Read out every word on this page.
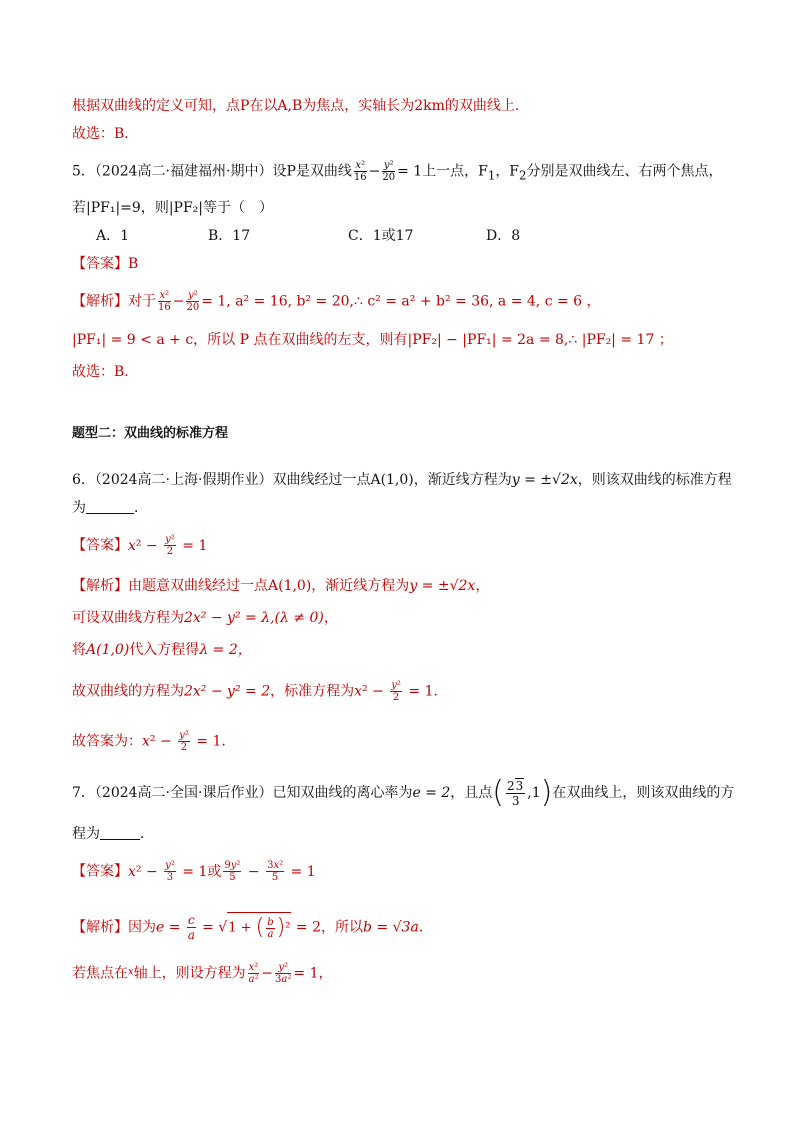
根据双曲线的定义可知，点P在以A,B为焦点，实轴长为2km的双曲线上.
故选：B．
5．（2024高二·福建福州·期中）设P是双曲线 $\frac{\text{x²}}{16} - \frac{\text{y²}}{20} = 1$上一点，$F_1$，$F_2$分别是双曲线左、右两个焦点，
若|PF₁|=9，则|PF₂|等于（　）
A．1	B．17	C．1或17	D．8
【答案】B
【解析】对于 $\frac{\text{x²}}{16} - \frac{\text{y²}}{20} = 1$, a² = 16, b² = 20,∴ c² = a² + b² = 36, a = 4, c = 6 ，
|PF₁| = 9 < a + c，所以 P 点在双曲线的左支，则有|PF₂| − |PF₁| = 2a = 8,∴ |PF₂| = 17 ；
故选：B.
题型二：双曲线的标准方程
6．（2024高二·上海·假期作业）双曲线经过一点A(1,0)，渐近线方程为y = ±√2x，则该双曲线的标准方程
为	．
【答案】$x^2 - \frac{\text{y²}}{2} = 1$
【解析】由题意双曲线经过一点A(1,0)，渐近线方程为y = ±√2x，
可设双曲线方程为2x² − y² = λ,(λ ≠ 0)，
将A(1,0)代入方程得λ = 2，
故双曲线的方程为2x² − y² = 2，标准方程为$x^2 - \frac{\text{y²}}{2} = 1$.
故答案为：$x^2 - \frac{\text{y²}}{2} = 1$.
7．（2024高二·全国·课后作业）已知双曲线的离心率为e = 2，且点( $\frac{23}{3} ,1$)在双曲线上，则该双曲线的方
程为	．
【答案】$x^2 - \frac{\text{y²}}{3} = 1$或 $\frac{\text{9y²}}{5} - \frac{\text{3x²}}{5} = 1$
【解析】因为$e = \frac{c}{a} = √1$ + ( $\frac{b}{a} )^2 = 2$，所以b = √3a.
若焦点在$^x$轴上，则设方程为 $\frac{\text{x²}}{\text{a²}} - \frac{\text{y²}}{\text{3a²}} = 1$，
